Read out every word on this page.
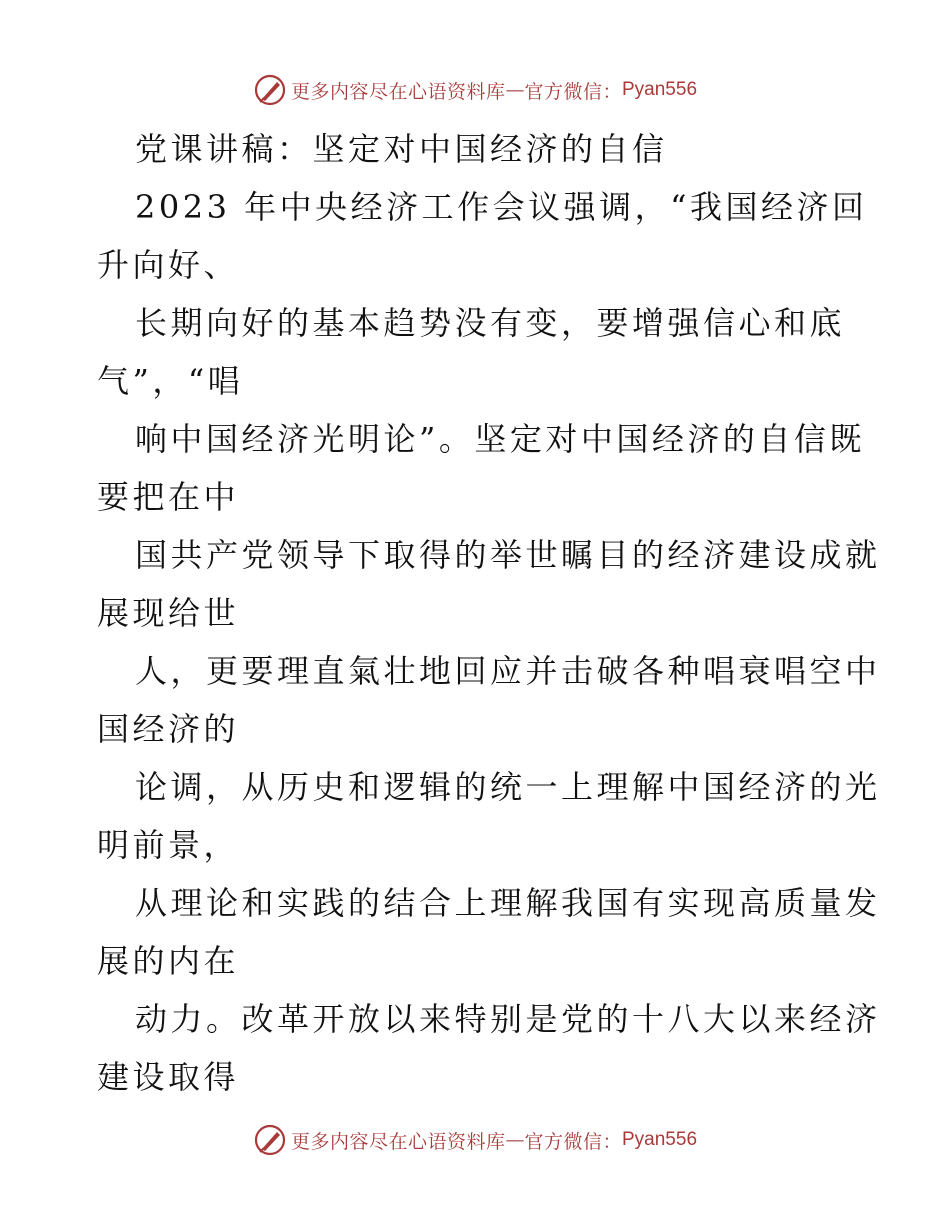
更多内容尽在心语资料库 — 官方微信： Pyan556
党课讲稿：坚定对中国经济的自信
2023 年中央经济工作会议强调，“我国经济回
升向好、
长期向好的基本趋势没有变，要增强信心和底
气”，“唱
响中国经济光明论”。坚定对中国经济的自信既
要把在中
国共产党领导下取得的举世瞩目的经济建设成就
展现给世
人，更要理直氣壮地回应并击破各种唱衰唱空中
国经济的
论调，从历史和逻辑的统一上理解中国经济的光
明前景，
从理论和实践的结合上理解我国有实现高质量发
展的内在
动力。改革开放以来特别是党的十八大以来经济
建设取得
更多内容尽在心语资料库 — 官方微信： Pyan556
